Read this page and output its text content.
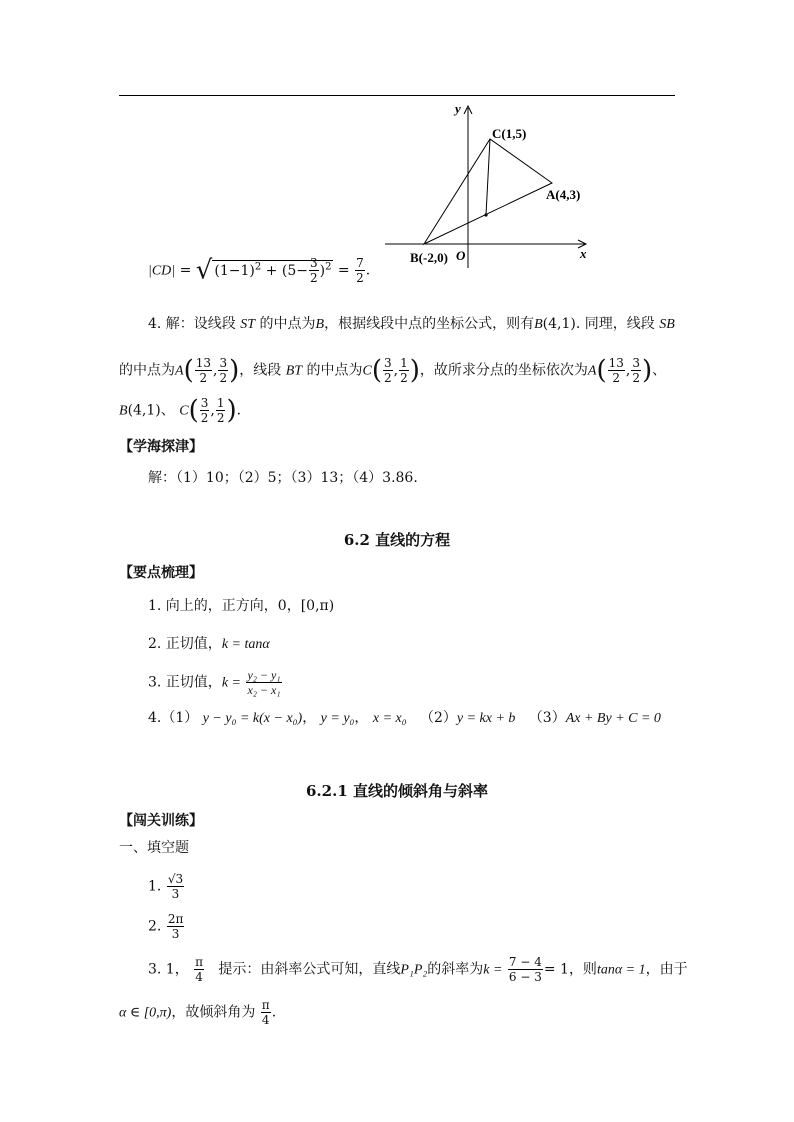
y
x
O
C(1,5)
A(4,3)
B(-2,0)
|CD| = √ $(1-1)^2 + (5- \frac{3}{2} )^2 = \frac{7}{2}$ .
4. 解：设线段 ST 的中点为B，根据线段中点的坐标公式，则有B(4,1). 同理，线段 SB
的中点为$A( \frac{13}{2}$ , $\frac{3}{2}$ )，线段 BT 的中点为$C( \frac{3}{2}$ , $\frac{1}{2}$ )，故所求分点的坐标依次为$A( \frac{13}{2}$ , $\frac{3}{2}$ )、
B(4,1)、 $C( \frac{3}{2}$ , $\frac{1}{2}$ ).
【学海探津】
解：（1）10；（2）5；（3）13；（4）3.86.
6.2 直线的方程
【要点梳理】
1. 向上的，正方向，0，[0,π)
2. 正切值，k = tanα
3. 正切值，$k = \frac{\text{y₂ − y₁}}{\text{x₂ − x₁}}$
4.（1） y − y₀ = k(x − x₀)， y = y₀， x = x₀ （2）y = kx + b （3）Ax + By + C = 0
6.2.1 直线的倾斜角与斜率
【闯关训练】
一、填空题
1. $\frac{√3}{3}$
2. $\frac{2\pi}{3}$
3. 1， $\frac{\pi}{4}$ 提示：由斜率公式可知，直线P₁P₂的斜率为$k = \frac{7 - 4}{6 - 3} = 1$，则tanα = 1，由于
α ∈ [0,π)，故倾斜角为 $\frac{\pi}{4}$ .
